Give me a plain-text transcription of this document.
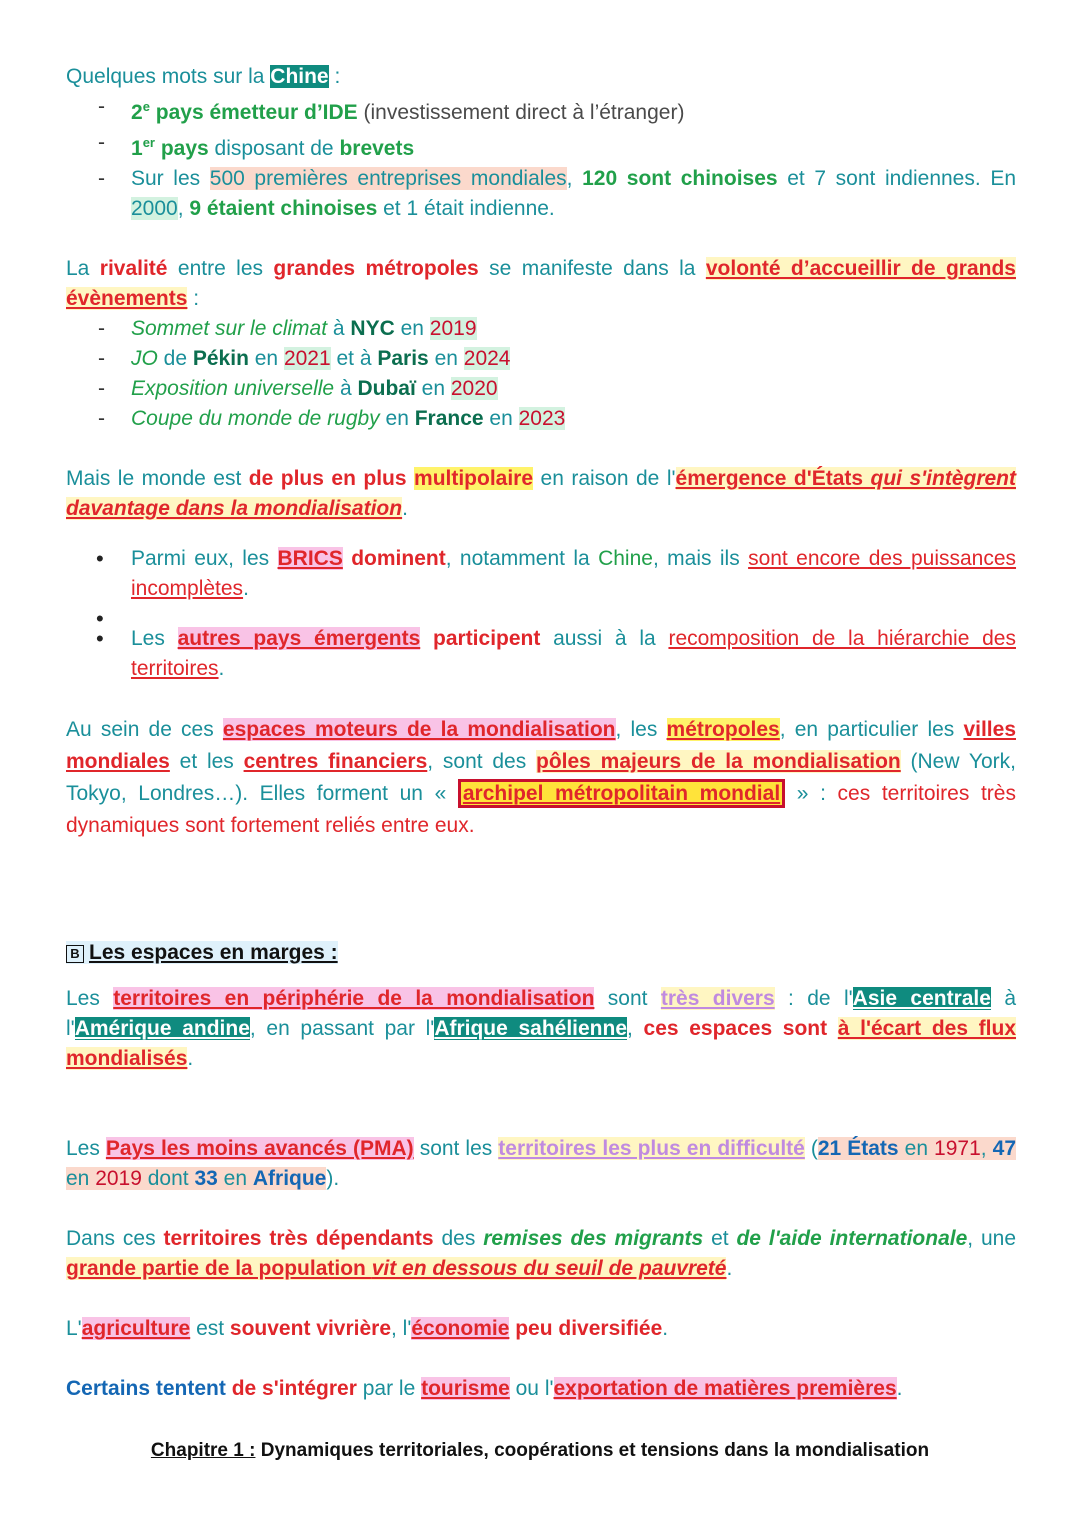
Quelques mots sur la Chine :

- 2e pays émetteur d’IDE (investissement direct à l’étranger)
- 1er pays disposant de brevets
- Sur les 500 premières entreprises mondiales, 120 sont chinoises et 7 sont indiennes. En 2000, 9 étaient chinoises et 1 était indienne.

La rivalité entre les grandes métropoles se manifeste dans la volonté d’accueillir de grands évènements :

- Sommet sur le climat à NYC en 2019
- JO de Pékin en 2021 et à Paris en 2024
- Exposition universelle à Dubaï en 2020
- Coupe du monde de rugby en France en 2023

Mais le monde est de plus en plus multipolaire en raison de l'émergence d'États qui s'intègrent davantage dans la mondialisation.

• Parmi eux, les BRICS dominent, notamment la Chine, mais ils sont encore des puissances incomplètes.
•
• Les autres pays émergents participent aussi à la recomposition de la hiérarchie des territoires.

Au sein de ces espaces moteurs de la mondialisation, les métropoles, en particulier les villes mondiales et les centres financiers, sont des pôles majeurs de la mondialisation (New York, Tokyo, Londres…). Elles forment un « archipel métropolitain mondial » : ces territoires très dynamiques sont fortement reliés entre eux.

B Les espaces en marges :

Les territoires en périphérie de la mondialisation sont très divers : de l'Asie centrale à l'Amérique andine, en passant par l'Afrique sahélienne, ces espaces sont à l'écart des flux mondialisés.

Les Pays les moins avancés (PMA) sont les territoires les plus en difficulté (21 États en 1971, 47 en 2019 dont 33 en Afrique).

Dans ces territoires très dépendants des remises des migrants et de l'aide internationale, une grande partie de la population vit en dessous du seuil de pauvreté.

L'agriculture est souvent vivrière, l'économie peu diversifiée.

Certains tentent de s'intégrer par le tourisme ou l'exportation de matières premières.

Chapitre 1 : Dynamiques territoriales, coopérations et tensions dans la mondialisation
